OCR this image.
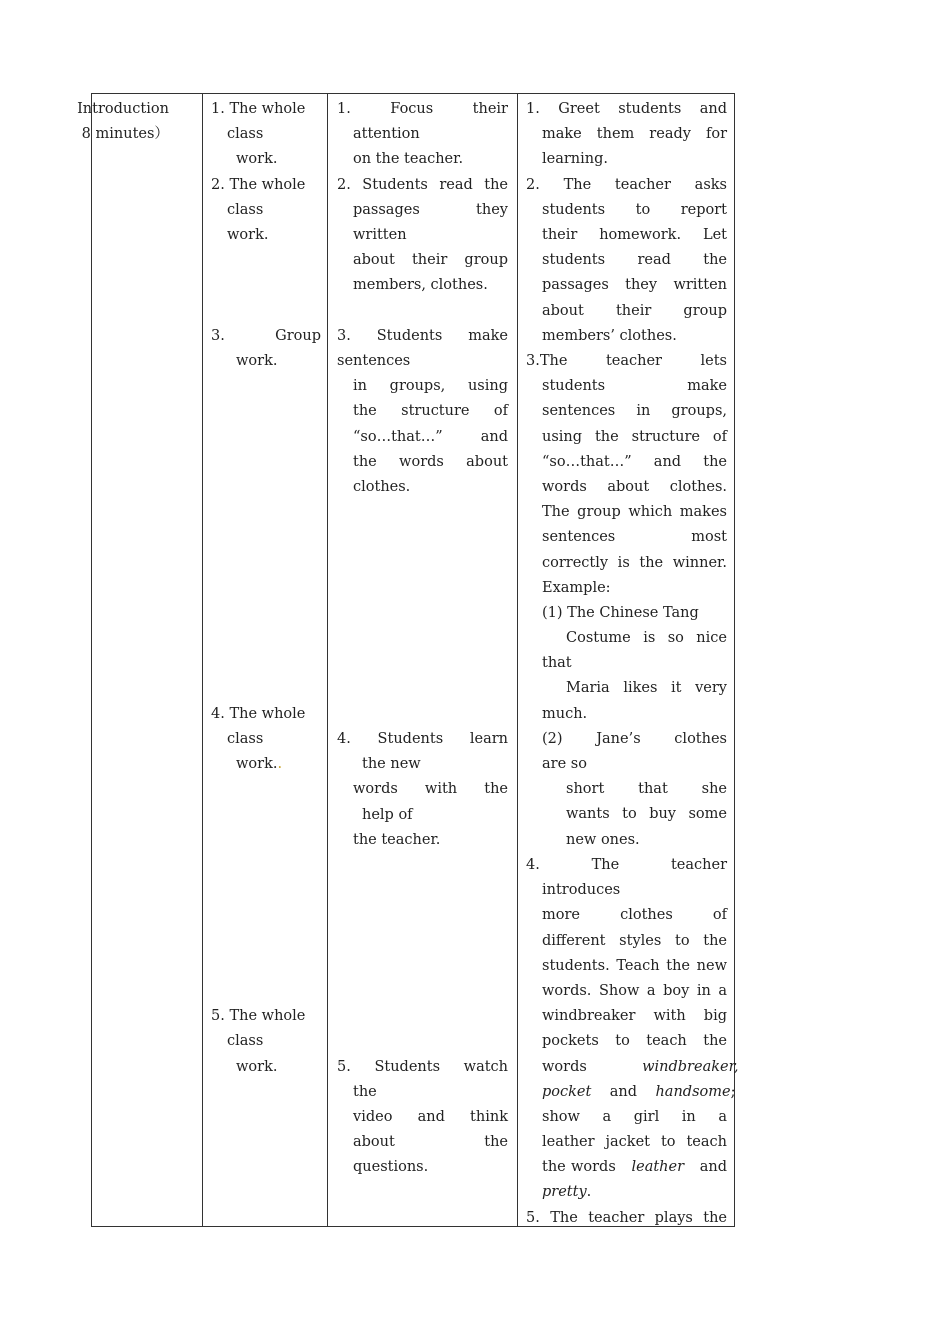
Introduction
8 minutes）
1. The whole
class
work.
2. The whole
class
work.
3.	Group
work.
4. The whole
class
work..
5. The whole
class
work.
1. Focus their
attention
on the teacher.
2. Students read the
passages they
written
about their group
members, clothes.
3. Students make
sentences
in groups, using
the structure of
“so…that…” and
the words about
clothes.
4. Students learn
the new
words with the
help of
the teacher.
5. Students watch
the
video and think
about the
questions.
1. Greet students and
make them ready for
learning.
2. The teacher asks
students to report
their homework. Let
students read the
passages they written
about their group
members’ clothes.
3.The teacher lets
students make
sentences in groups,
using the structure of
“so…that…” and the
words about clothes.
The group which makes
sentences most
correctly is the winner.
Example:
(1) The Chinese Tang
Costume is so nice
that
Maria likes it very
much.
(2) Jane’s clothes
are so
short that she
wants to buy some
new ones.
4. The teacher
introduces
more clothes of
different styles to the
students. Teach the new
words. Show a boy in a
windbreaker with big
pockets to teach the
words	windbreaker,
pocket and handsome;
show a girl in a
leather jacket to teach
the words leather and
pretty.
5. The teacher plays the
